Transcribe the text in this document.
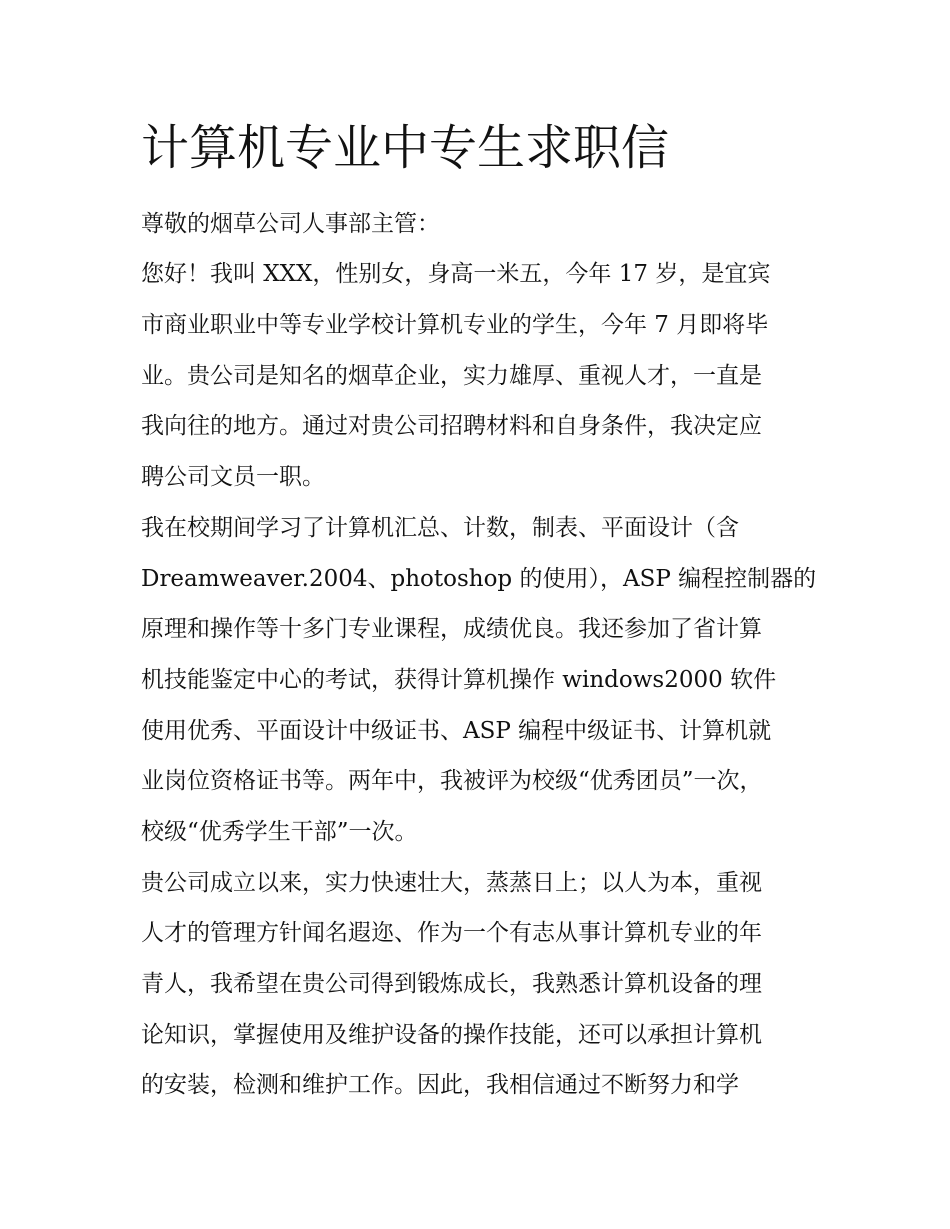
计算机专业中专生求职信

尊敬的烟草公司人事部主管：

您好！我叫 XXX，性别女，身高一米五，今年 17 岁，是宜宾

市商业职业中等专业学校计算机专业的学生，今年 7 月即将毕

业。贵公司是知名的烟草企业，实力雄厚、重视人才，一直是

我向往的地方。通过对贵公司招聘材料和自身条件，我决定应

聘公司文员一职。

我在校期间学习了计算机汇总、计数，制表、平面设计（含

Dreamweaver.2004、photoshop 的使用），ASP 编程控制器的

原理和操作等十多门专业课程，成绩优良。我还参加了省计算

机技能鉴定中心的考试，获得计算机操作 windows2000 软件

使用优秀、平面设计中级证书、ASP 编程中级证书、计算机就

业岗位资格证书等。两年中，我被评为校级“优秀团员”一次，

校级“优秀学生干部”一次。

贵公司成立以来，实力快速壮大，蒸蒸日上；以人为本，重视

人才的管理方针闻名遐迩、作为一个有志从事计算机专业的年

青人，我希望在贵公司得到锻炼成长，我熟悉计算机设备的理

论知识，掌握使用及维护设备的操作技能，还可以承担计算机

的安装，检测和维护工作。因此，我相信通过不断努力和学
